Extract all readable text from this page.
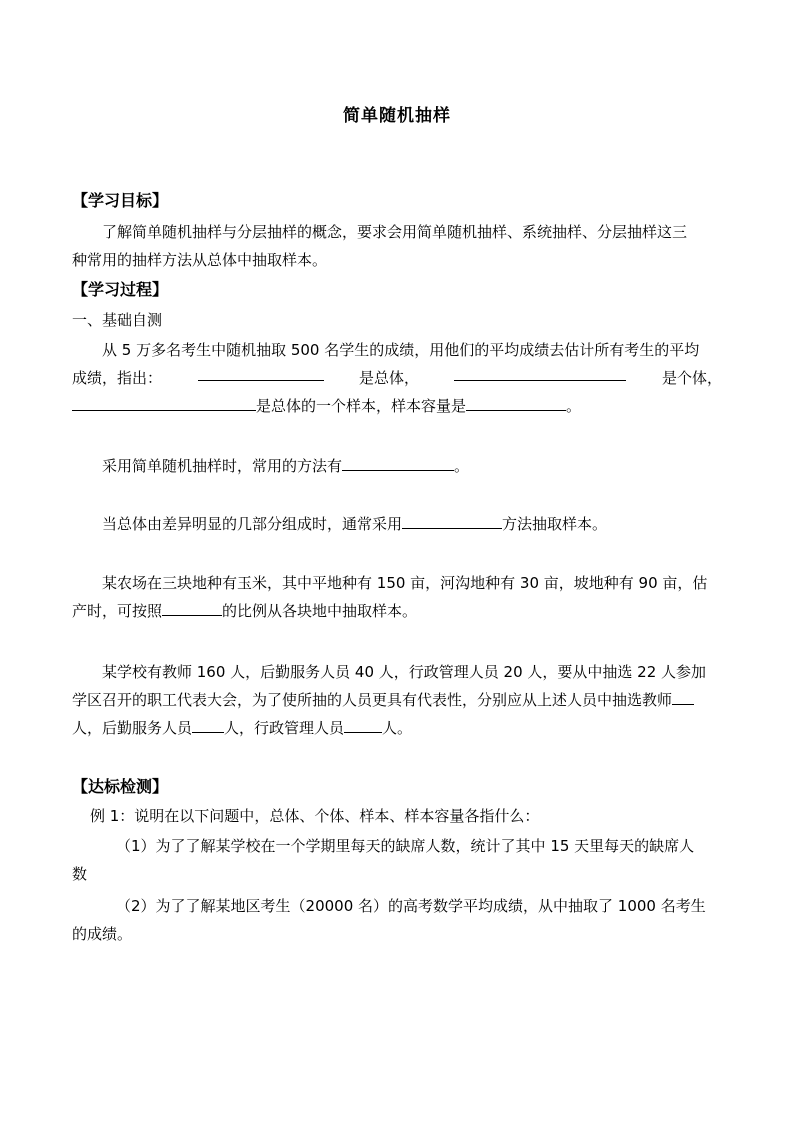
简单随机抽样
【学习目标】
了解简单随机抽样与分层抽样的概念，要求会用简单随机抽样、系统抽样、分层抽样这三
种常用的抽样方法从总体中抽取样本。
【学习过程】
一、基础自测
从 5 万多名考生中随机抽取 500 名学生的成绩，用他们的平均成绩去估计所有考生的平均
成绩，指出：	是总体，	是个体，
是总体的一个样本，样本容量是	。
采用简单随机抽样时，常用的方法有	。
当总体由差异明显的几部分组成时，通常采用	方法抽取样本。
某农场在三块地种有玉米，其中平地种有 150 亩，河沟地种有 30 亩，坡地种有 90 亩，估
产时，可按照	的比例从各块地中抽取样本。
某学校有教师 160 人，后勤服务人员 40 人，行政管理人员 20 人，要从中抽选 22 人参加
学区召开的职工代表大会，为了使所抽的人员更具有代表性，分别应从上述人员中抽选教师
人，后勤服务人员 人，行政管理人员	人。
【达标检测】
例 1：说明在以下问题中，总体、个体、样本、样本容量各指什么：
（1）为了了解某学校在一个学期里每天的缺席人数，统计了其中 15 天里每天的缺席人
数
（2）为了了解某地区考生（20000 名）的高考数学平均成绩，从中抽取了 1000 名考生
的成绩。
